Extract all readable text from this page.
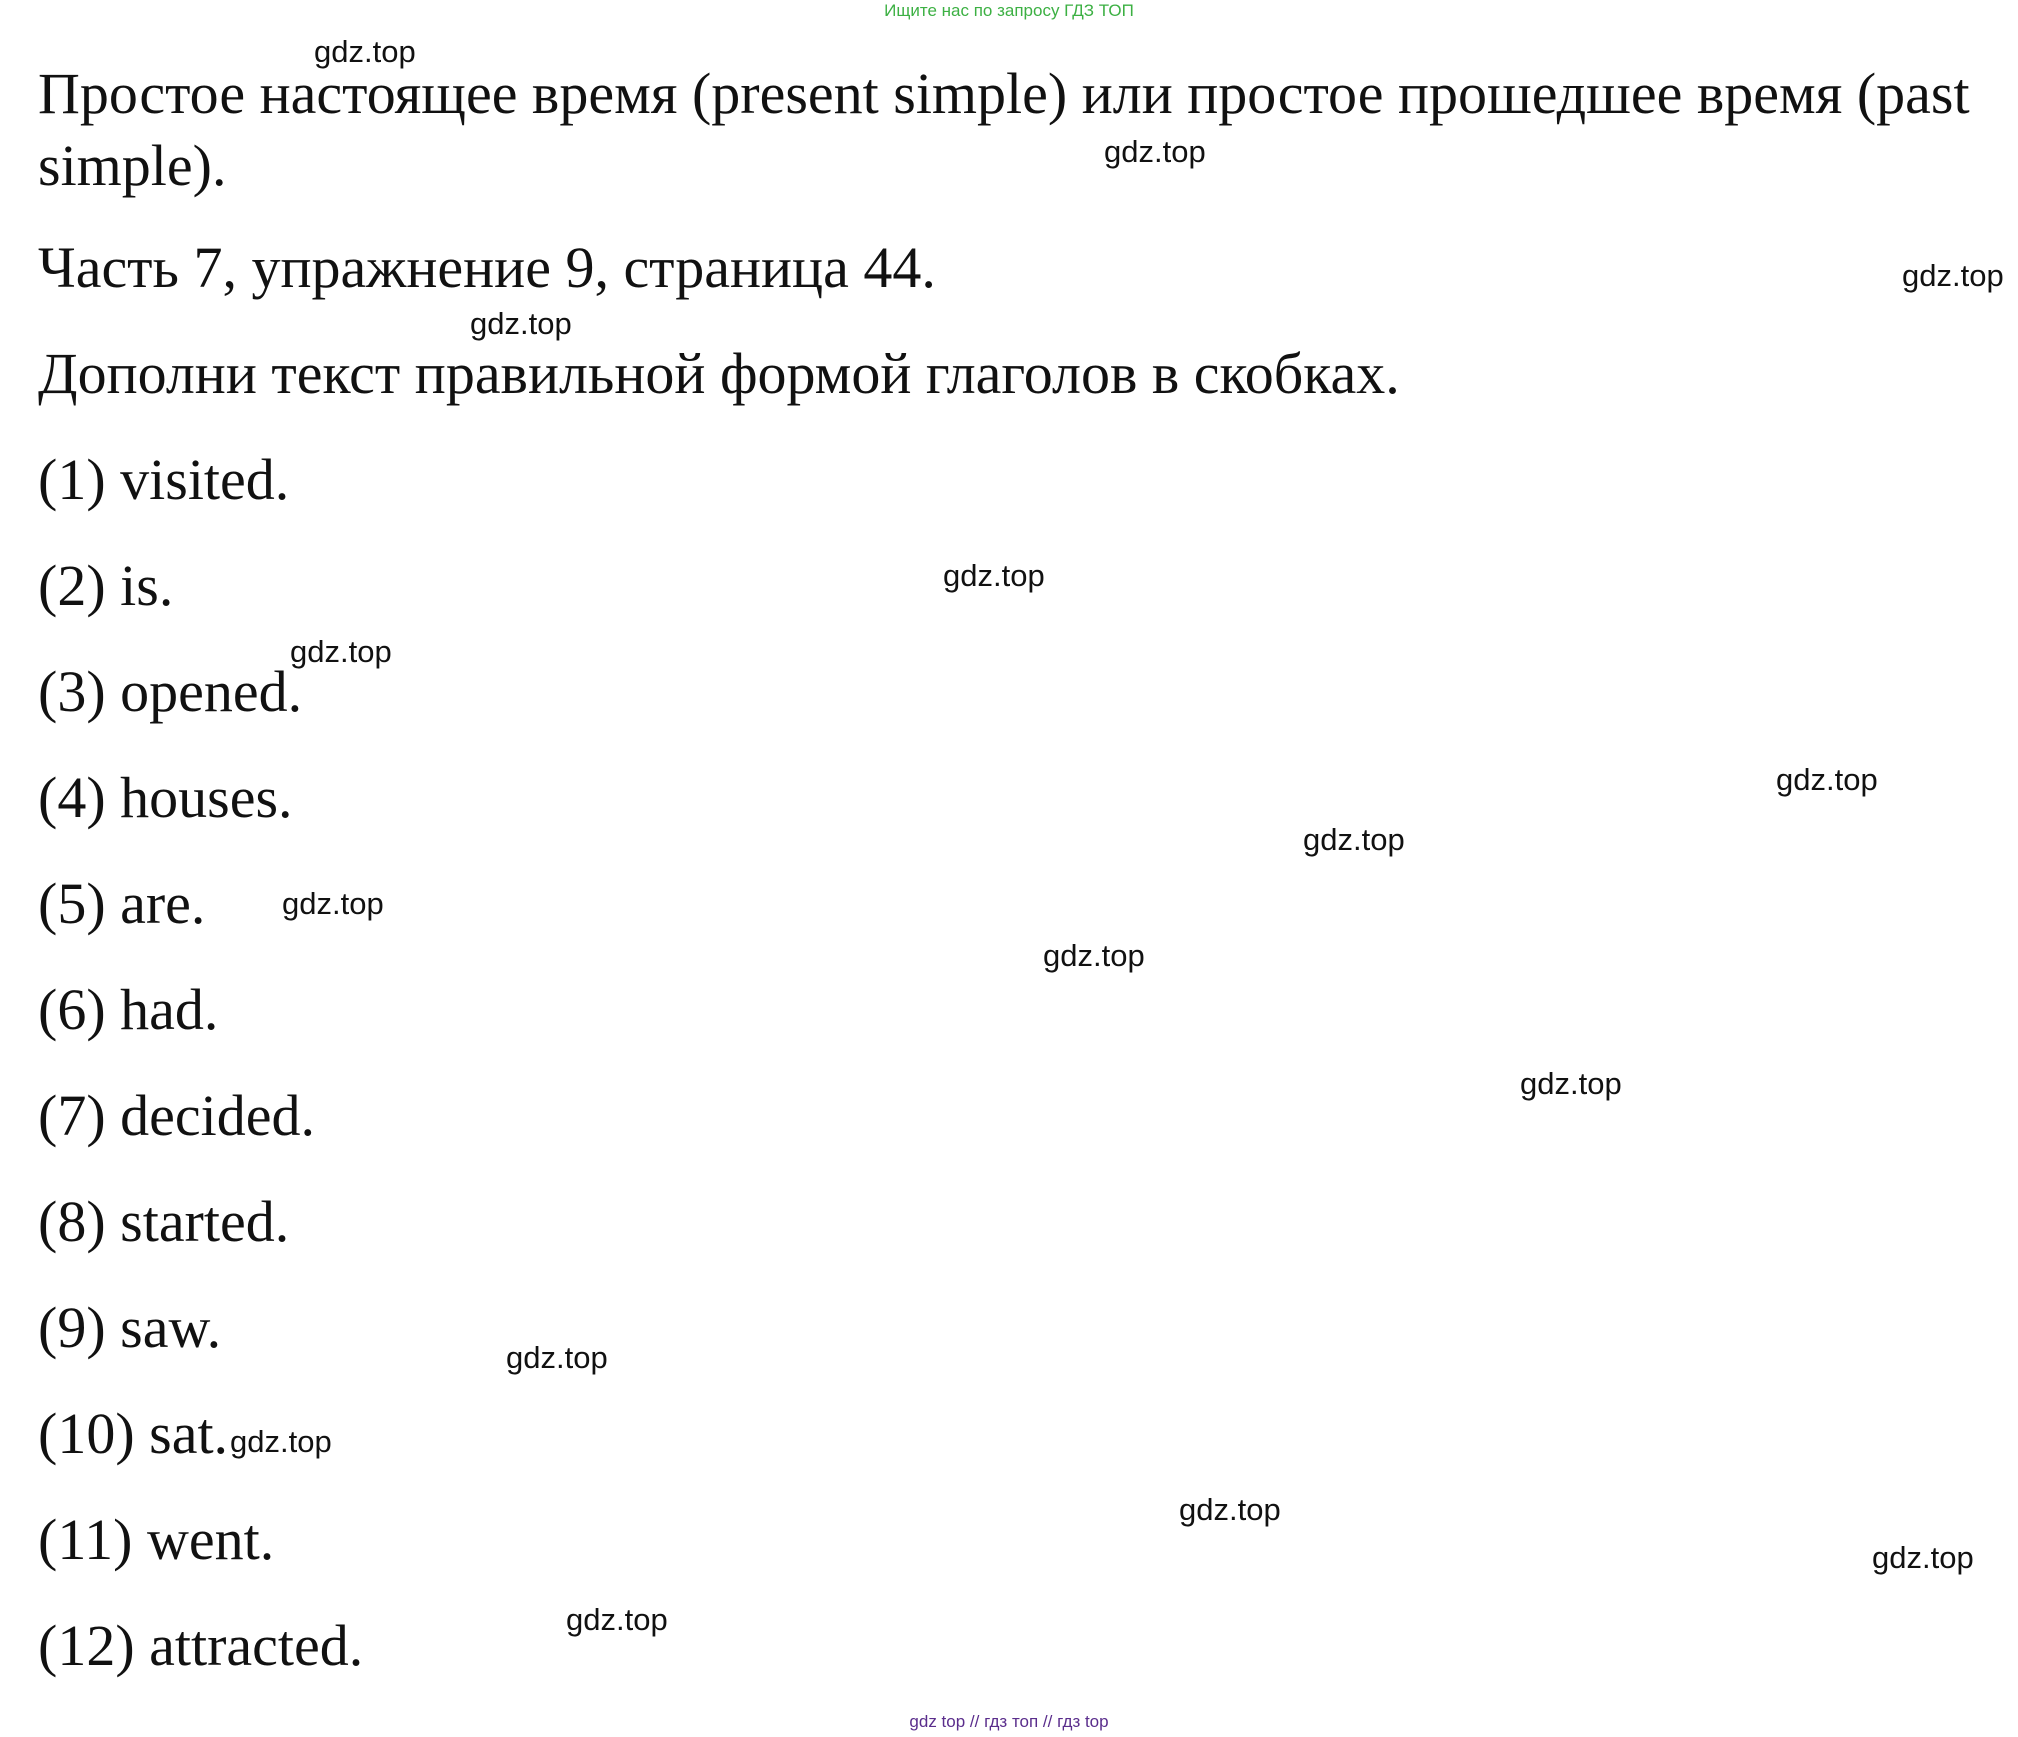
Ищите нас по запросу ГДЗ ТОП
Простое настоящее время (present simple) или простое прошедшее время (past simple).

Часть 7, упражнение 9, страница 44.

Дополни текст правильной формой глаголов в скобках.

(1) visited.
(2) is.
(3) opened.
(4) houses.
(5) are.
(6) had.
(7) decided.
(8) started.
(9) saw.
(10) sat.
(11) went.
(12) attracted.
gdz.top
gdz.top
gdz.top
gdz.top
gdz.top
gdz.top
gdz.top
gdz.top
gdz.top
gdz.top
gdz.top
gdz.top
gdz.top
gdz.top
gdz.top
gdz.top
gdz top // гдз топ // гдз top
